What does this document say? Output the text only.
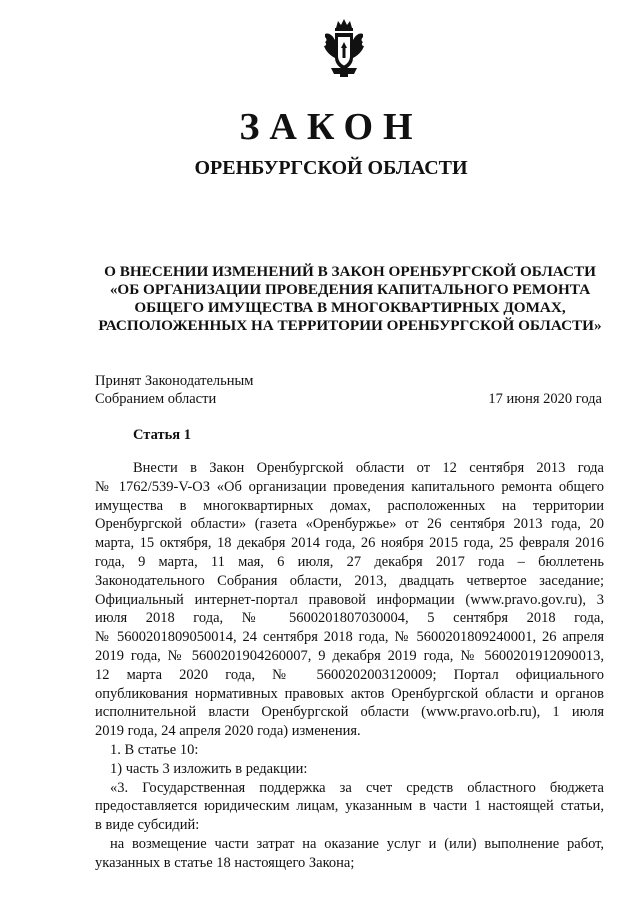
ЗАКОН
ОРЕНБУРГСКОЙ ОБЛАСТИ
О ВНЕСЕНИИ ИЗМЕНЕНИЙ В ЗАКОН ОРЕНБУРГСКОЙ ОБЛАСТИ
«ОБ ОРГАНИЗАЦИИ ПРОВЕДЕНИЯ КАПИТАЛЬНОГО РЕМОНТА
ОБЩЕГО ИМУЩЕСТВА В МНОГОКВАРТИРНЫХ ДОМАХ,
РАСПОЛОЖЕННЫХ НА ТЕРРИТОРИИ ОРЕНБУРГСКОЙ ОБЛАСТИ»
Принят Законодательным
Собранием области	17 июня 2020 года
Статья 1
Внести в Закон Оренбургской области от 12 сентября 2013 года
№ 1762/539-V-ОЗ «Об организации проведения капитального ремонта общего
имущества в многоквартирных домах, расположенных на территории
Оренбургской области» (газета «Оренбуржье» от 26 сентября 2013 года, 20
марта, 15 октября, 18 декабря 2014 года, 26 ноября 2015 года, 25 февраля 2016
года, 9 марта, 11 мая, 6 июля, 27 декабря 2017 года – бюллетень
Законодательного Собрания области, 2013, двадцать четвертое заседание;
Официальный интернет-портал правовой информации (www.pravo.gov.ru), 3
июля 2018 года, № 5600201807030004, 5 сентября 2018 года,
№ 5600201809050014, 24 сентября 2018 года, № 5600201809240001, 26 апреля
2019 года, № 5600201904260007, 9 декабря 2019 года, № 5600201912090013,
12 марта 2020 года, № 5600202003120009; Портал официального
опубликования нормативных правовых актов Оренбургской области и органов
исполнительной власти Оренбургской области (www.pravo.orb.ru), 1 июля
2019 года, 24 апреля 2020 года) изменения.
1. В статье 10:
1) часть 3 изложить в редакции:
«3. Государственная поддержка за счет средств областного бюджета
предоставляется юридическим лицам, указанным в части 1 настоящей статьи,
в виде субсидий:
на возмещение части затрат на оказание услуг и (или) выполнение работ,
указанных в статье 18 настоящего Закона;
